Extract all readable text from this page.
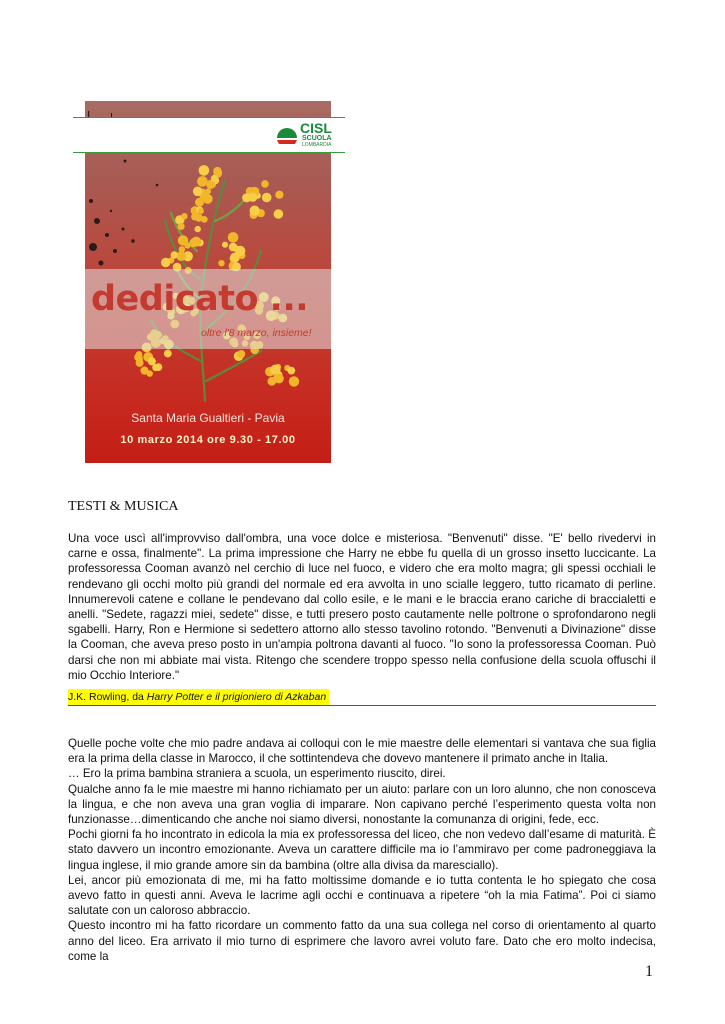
dedicato ...
oltre l'8 marzo, insieme!
Santa Maria Gualtieri - Pavia
10 marzo 2014 ore 9.30 - 17.00
CISL
SCUOLA
LOMBARDIA
TESTI & MUSICA

Una voce uscì all'improvviso dall'ombra, una voce dolce e misteriosa. "Benvenuti" disse. "E' bello rivedervi in carne e ossa, finalmente". La prima impressione che Harry ne ebbe fu quella di un grosso insetto luccicante. La professoressa Cooman avanzò nel cerchio di luce nel fuoco, e videro che era molto magra; gli spessi occhiali le rendevano gli occhi molto più grandi del normale ed era avvolta in uno scialle leggero, tutto ricamato di perline. Innumerevoli catene e collane le pendevano dal collo esile, e le mani e le braccia erano cariche di braccialetti e anelli. "Sedete, ragazzi miei, sedete" disse, e tutti presero posto cautamente nelle poltrone o sprofondarono negli sgabelli. Harry, Ron e Hermione si sedettero attorno allo stesso tavolino rotondo. "Benvenuti a Divinazione" disse la Cooman, che aveva preso posto in un'ampia poltrona davanti al fuoco. "Io sono la professoressa Cooman. Può darsi che non mi abbiate mai vista. Ritengo che scendere troppo spesso nella confusione della scuola offuschi il mio Occhio Interiore."

J.K. Rowling, da Harry Potter e il prigioniero di Azkaban
Quelle poche volte che mio padre andava ai colloqui con le mie maestre delle elementari si vantava che sua figlia era la prima della classe in Marocco, il che sottintendeva che dovevo mantenere il primato anche in Italia.
… Ero la prima bambina straniera a scuola, un esperimento riuscito, direi.
Qualche anno fa le mie maestre mi hanno richiamato per un aiuto: parlare con un loro alunno, che non conosceva la lingua, e che non aveva una gran voglia di imparare. Non capivano perché l’esperimento questa volta non funzionasse…dimenticando che anche noi siamo diversi, nonostante la comunanza di origini, fede, ecc.
Pochi giorni fa ho incontrato in edicola la mia ex professoressa del liceo, che non vedevo dall’esame di maturità. È stato davvero un incontro emozionante. Aveva un carattere difficile ma io l’ammiravo per come padroneggiava la lingua inglese, il mio grande amore sin da bambina (oltre alla divisa da maresciallo).
Lei, ancor più emozionata di me, mi ha fatto moltissime domande e io tutta contenta le ho spiegato che cosa avevo fatto in questi anni. Aveva le lacrime agli occhi e continuava a ripetere “oh la mia Fatima”. Poi ci siamo salutate con un caloroso abbraccio.
Questo incontro mi ha fatto ricordare un commento fatto da una sua collega nel corso di orientamento al quarto anno del liceo. Era arrivato il mio turno di esprimere che lavoro avrei voluto fare. Dato che ero molto indecisa, come la
1
